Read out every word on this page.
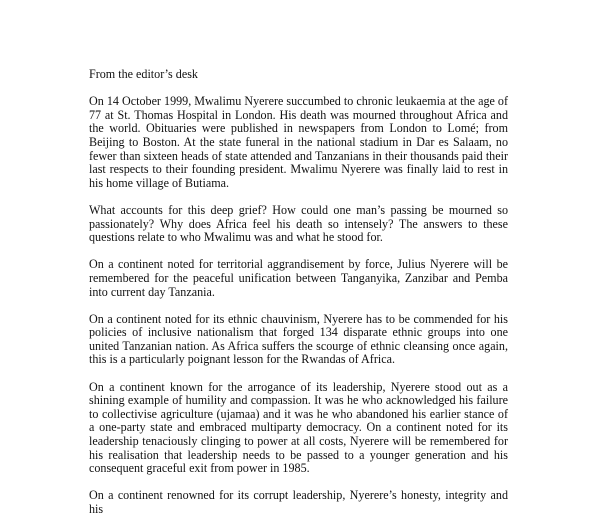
From the editor’s desk

On 14 October 1999, Mwalimu Nyerere succumbed to chronic leukaemia at the age of 77 at St. Thomas Hospital in London. His death was mourned throughout Africa and the world. Obituaries were published in newspapers from London to Lomé; from Beijing to Boston. At the state funeral in the national stadium in Dar es Salaam, no fewer than sixteen heads of state attended and Tanzanians in their thousands paid their last respects to their founding president. Mwalimu Nyerere was finally laid to rest in his home village of Butiama.

What accounts for this deep grief? How could one man’s passing be mourned so passionately? Why does Africa feel his death so intensely? The answers to these questions relate to who Mwalimu was and what he stood for.

On a continent noted for territorial aggrandisement by force, Julius Nyerere will be remembered for the peaceful unification between Tanganyika, Zanzibar and Pemba into current day Tanzania.

On a continent noted for its ethnic chauvinism, Nyerere has to be commended for his policies of inclusive nationalism that forged 134 disparate ethnic groups into one united Tanzanian nation. As Africa suffers the scourge of ethnic cleansing once again, this is a particularly poignant lesson for the Rwandas of Africa.

On a continent known for the arrogance of its leadership, Nyerere stood out as a shining example of humility and compassion. It was he who acknowledged his failure to collectivise agriculture (ujamaa) and it was he who abandoned his earlier stance of a one-party state and embraced multiparty democracy. On a continent noted for its leadership tenaciously clinging to power at all costs, Nyerere will be remembered for his realisation that leadership needs to be passed to a younger generation and his consequent graceful exit from power in 1985.

On a continent renowned for its corrupt leadership, Nyerere’s honesty, integrity and his
